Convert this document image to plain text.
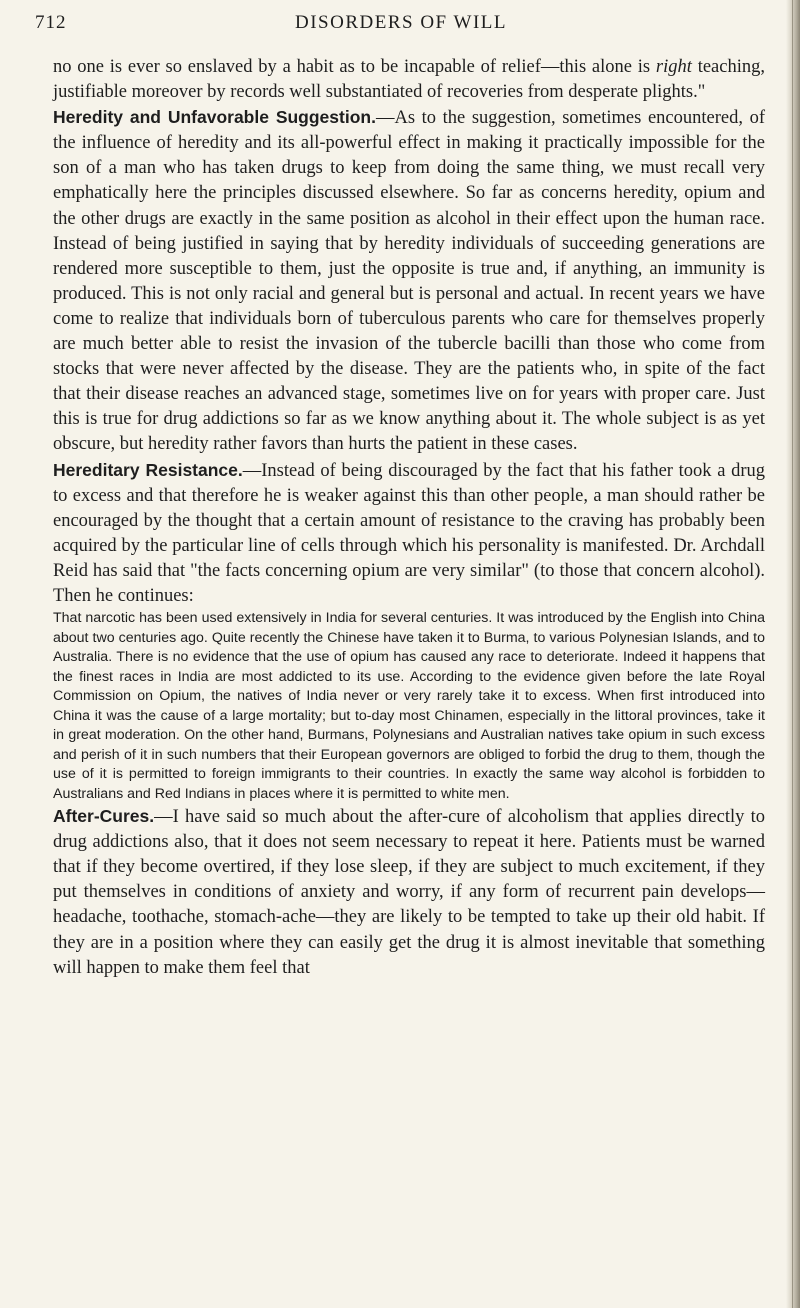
712	DISORDERS OF WILL

no one is ever so enslaved by a habit as to be incapable of relief—this alone is right teaching, justifiable moreover by records well substantiated of recoveries from desperate plights."

Heredity and Unfavorable Suggestion.—As to the suggestion, sometimes encountered, of the influence of heredity and its all-powerful effect in making it practically impossible for the son of a man who has taken drugs to keep from doing the same thing, we must recall very emphatically here the principles discussed elsewhere. So far as concerns heredity, opium and the other drugs are exactly in the same position as alcohol in their effect upon the human race. Instead of being justified in saying that by heredity individuals of succeeding generations are rendered more susceptible to them, just the opposite is true and, if anything, an immunity is produced. This is not only racial and general but is personal and actual. In recent years we have come to realize that individuals born of tuberculous parents who care for themselves properly are much better able to resist the invasion of the tubercle bacilli than those who come from stocks that were never affected by the disease. They are the patients who, in spite of the fact that their disease reaches an advanced stage, sometimes live on for years with proper care. Just this is true for drug addictions so far as we know anything about it. The whole subject is as yet obscure, but heredity rather favors than hurts the patient in these cases.

Hereditary Resistance.—Instead of being discouraged by the fact that his father took a drug to excess and that therefore he is weaker against this than other people, a man should rather be encouraged by the thought that a certain amount of resistance to the craving has probably been acquired by the particular line of cells through which his personality is manifested. Dr. Archdall Reid has said that "the facts concerning opium are very similar" (to those that concern alcohol). Then he continues:

That narcotic has been used extensively in India for several centuries. It was introduced by the English into China about two centuries ago. Quite recently the Chinese have taken it to Burma, to various Polynesian Islands, and to Australia. There is no evidence that the use of opium has caused any race to deteriorate. Indeed it happens that the finest races in India are most addicted to its use. According to the evidence given before the late Royal Commission on Opium, the natives of India never or very rarely take it to excess. When first introduced into China it was the cause of a large mortality; but to-day most Chinamen, especially in the littoral provinces, take it in great moderation. On the other hand, Burmans, Polynesians and Australian natives take opium in such excess and perish of it in such numbers that their European governors are obliged to forbid the drug to them, though the use of it is permitted to foreign immigrants to their countries. In exactly the same way alcohol is forbidden to Australians and Red Indians in places where it is permitted to white men.

After-Cures.—I have said so much about the after-cure of alcoholism that applies directly to drug addictions also, that it does not seem necessary to repeat it here. Patients must be warned that if they become overtired, if they lose sleep, if they are subject to much excitement, if they put themselves in conditions of anxiety and worry, if any form of recurrent pain develops—headache, toothache, stomach-ache—they are likely to be tempted to take up their old habit. If they are in a position where they can easily get the drug it is almost inevitable that something will happen to make them feel that
